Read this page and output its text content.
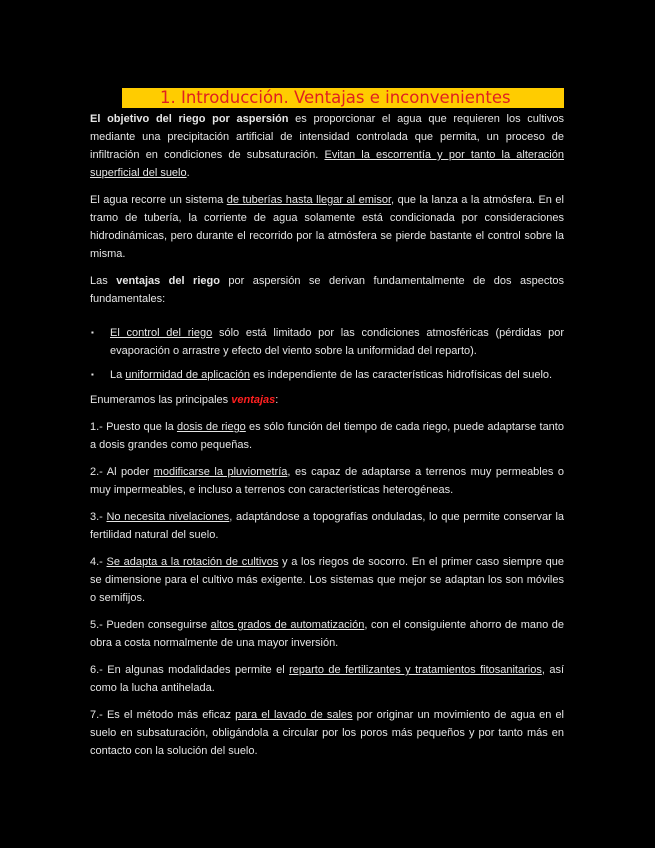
1. Introducción. Ventajas e inconvenientes

El objetivo del riego por aspersión es proporcionar el agua que requieren los cultivos mediante una precipitación artificial de intensidad controlada que permita, un proceso de infiltración en condiciones de subsaturación. Evitan la escorrentía y por tanto la alteración superficial del suelo.

El agua recorre un sistema de tuberías hasta llegar al emisor, que la lanza a la atmósfera. En el tramo de tubería, la corriente de agua solamente está condicionada por consideraciones hidrodinámicas, pero durante el recorrido por la atmósfera se pierde bastante el control sobre la misma.

Las ventajas del riego por aspersión se derivan fundamentalmente de dos aspectos fundamentales:

▪ El control del riego sólo está limitado por las condiciones atmosféricas (pérdidas por evaporación o arrastre y efecto del viento sobre la uniformidad del reparto).
▪ La uniformidad de aplicación es independiente de las características hidrofísicas del suelo.

Enumeramos las principales ventajas:

1.- Puesto que la dosis de riego es sólo función del tiempo de cada riego, puede adaptarse tanto a dosis grandes como pequeñas.

2.- Al poder modificarse la pluviometría, es capaz de adaptarse a terrenos muy permeables o muy impermeables, e incluso a terrenos con características heterogéneas.

3.- No necesita nivelaciones, adaptándose a topografías onduladas, lo que permite conservar la fertilidad natural del suelo.

4.- Se adapta a la rotación de cultivos y a los riegos de socorro. En el primer caso siempre que se dimensione para el cultivo más exigente. Los sistemas que mejor se adaptan los son móviles o semifijos.

5.- Pueden conseguirse altos grados de automatización, con el consiguiente ahorro de mano de obra a costa normalmente de una mayor inversión.

6.- En algunas modalidades permite el reparto de fertilizantes y tratamientos fitosanitarios, así como la lucha antihelada.

7.- Es el método más eficaz para el lavado de sales por originar un movimiento de agua en el suelo en subsaturación, obligándola a circular por los poros más pequeños y por tanto más en contacto con la solución del suelo.
